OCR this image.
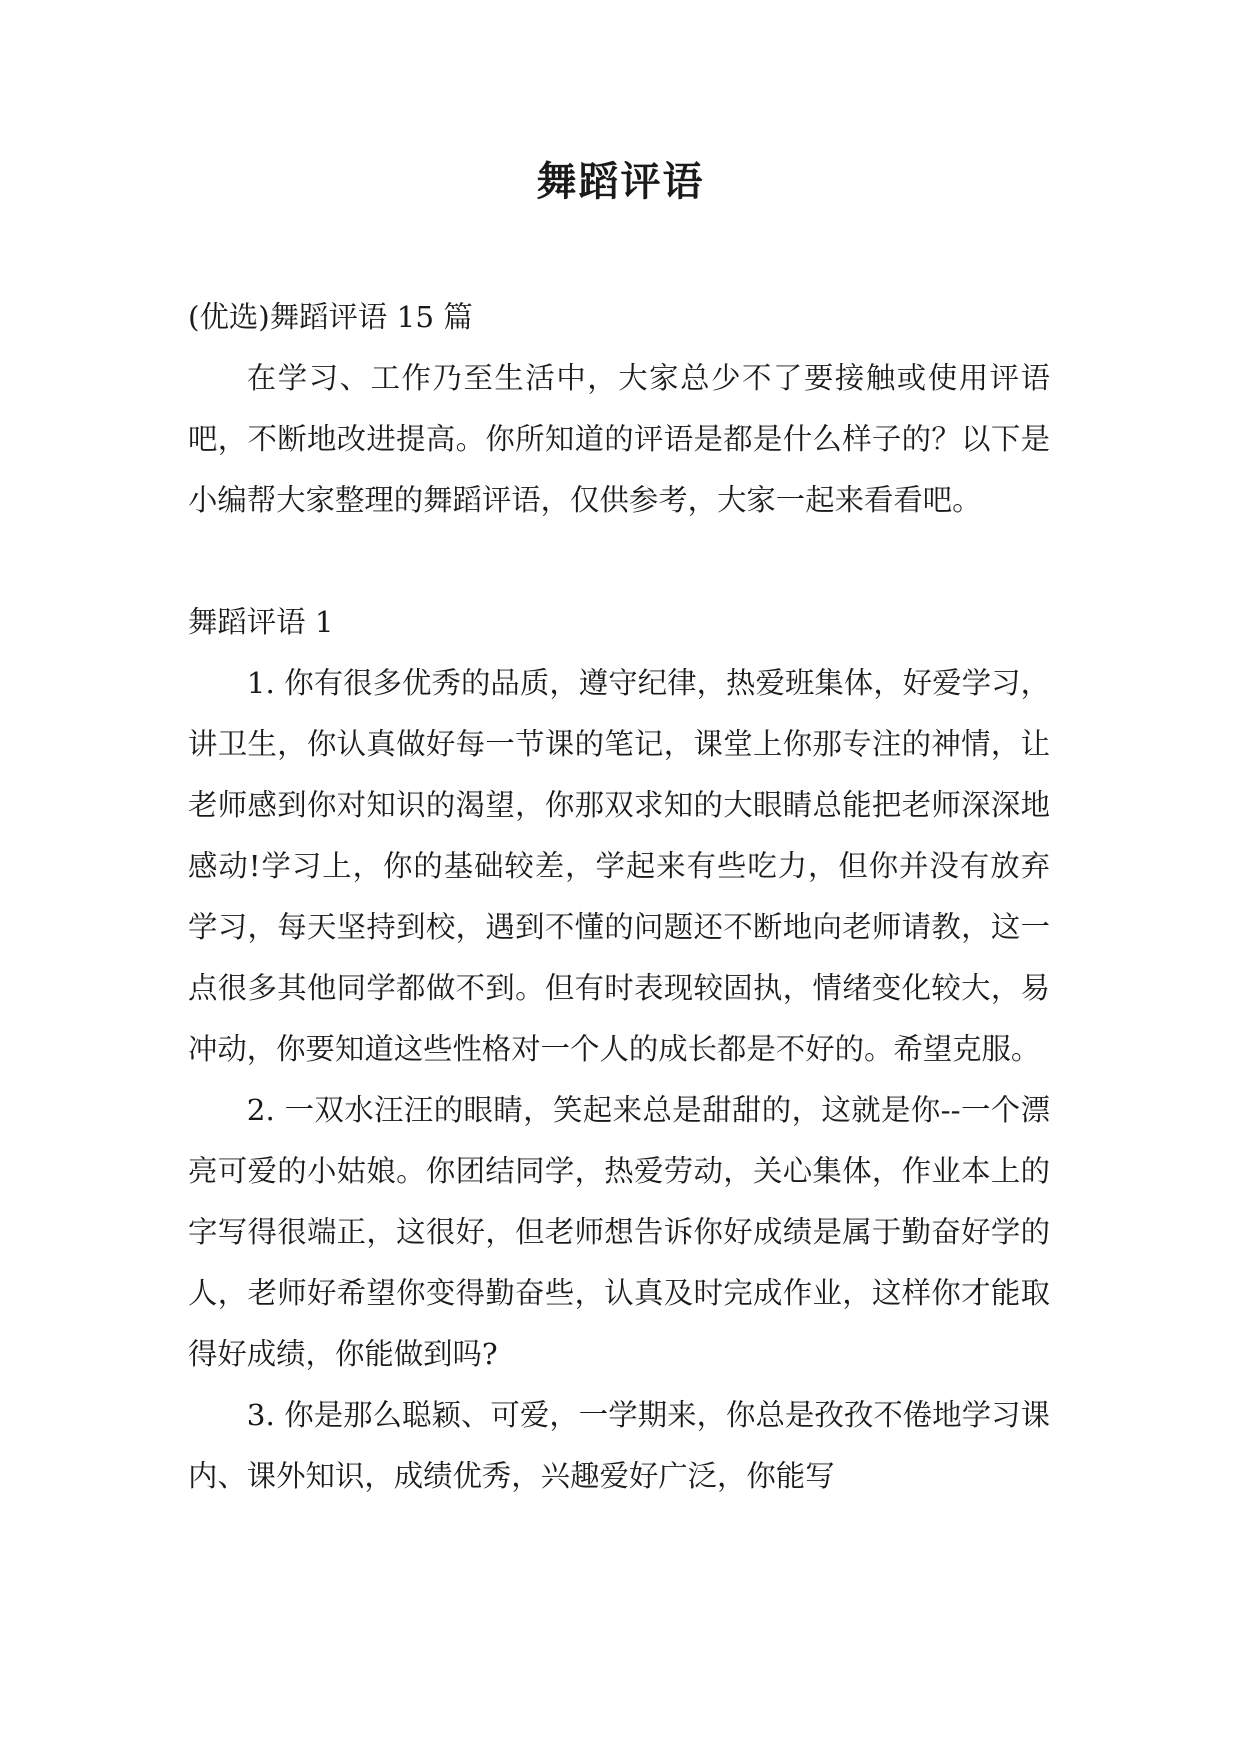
舞蹈评语

(优选)舞蹈评语 15 篇

在学习、工作乃至生活中，大家总少不了要接触或使用评语吧，不断地改进提高。你所知道的评语是都是什么样子的？以下是小编帮大家整理的舞蹈评语，仅供参考，大家一起来看看吧。

舞蹈评语 1

1. 你有很多优秀的品质，遵守纪律，热爱班集体，好爱学习，讲卫生，你认真做好每一节课的笔记，课堂上你那专注的神情，让老师感到你对知识的渴望，你那双求知的大眼睛总能把老师深深地感动!学习上，你的基础较差，学起来有些吃力，但你并没有放弃学习，每天坚持到校，遇到不懂的问题还不断地向老师请教，这一点很多其他同学都做不到。但有时表现较固执，情绪变化较大，易冲动，你要知道这些性格对一个人的成长都是不好的。希望克服。

2. 一双水汪汪的眼睛，笑起来总是甜甜的，这就是你--一个漂亮可爱的小姑娘。你团结同学，热爱劳动，关心集体，作业本上的字写得很端正，这很好，但老师想告诉你好成绩是属于勤奋好学的人，老师好希望你变得勤奋些，认真及时完成作业，这样你才能取得好成绩，你能做到吗?

3. 你是那么聪颖、可爱，一学期来，你总是孜孜不倦地学习课内、课外知识，成绩优秀，兴趣爱好广泛，你能写
